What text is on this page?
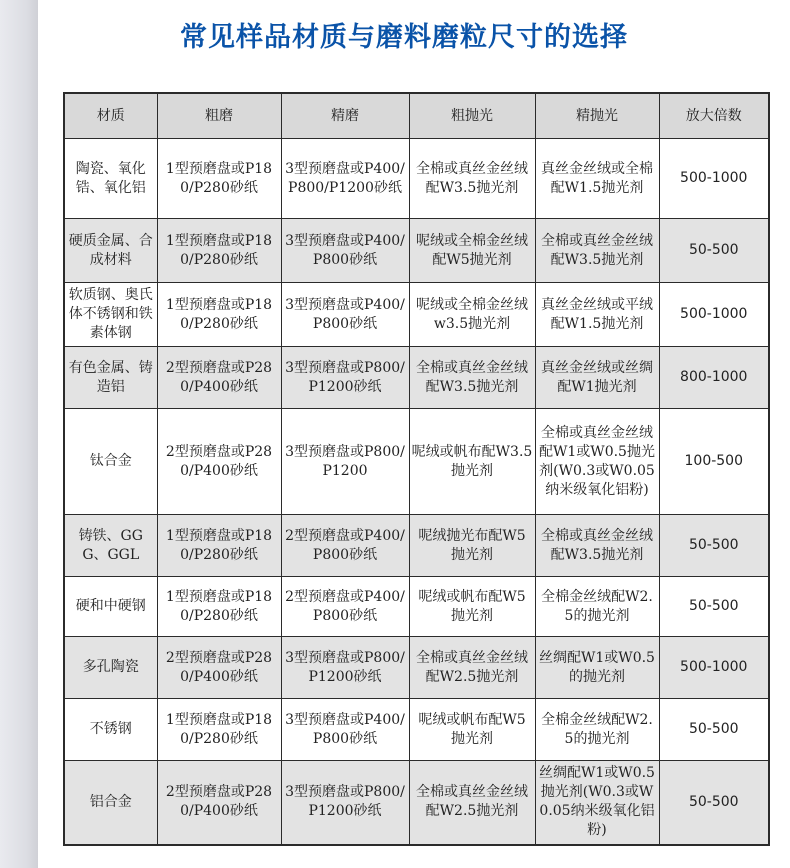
常见样品材质与磨料磨粒尺寸的选择
材质	粗磨	精磨	粗抛光	精抛光	放大倍数
陶瓷、氧化锆、氧化铝	1型预磨盘或P180/P280砂纸	3型预磨盘或P400/P800/P1200砂纸	全棉或真丝金丝绒配W3.5抛光剂	真丝金丝绒或全棉配W1.5抛光剂	500-1000
硬质金属、合成材料	1型预磨盘或P180/P280砂纸	3型预磨盘或P400/P800砂纸	呢绒或全棉金丝绒配W5抛光剂	全棉或真丝金丝绒配W3.5抛光剂	50-500
软质钢、奥氏体不锈钢和铁素体钢	1型预磨盘或P180/P280砂纸	3型预磨盘或P400/P800砂纸	呢绒或全棉金丝绒w3.5抛光剂	真丝金丝绒或平绒配W1.5抛光剂	500-1000
有色金属、铸造铝	2型预磨盘或P280/P400砂纸	3型预磨盘或P800/P1200砂纸	全棉或真丝金丝绒配W3.5抛光剂	真丝金丝绒或丝绸配W1抛光剂	800-1000
钛合金	2型预磨盘或P280/P400砂纸	3型预磨盘或P800/P1200	呢绒或帆布配W3.5抛光剂	全棉或真丝金丝绒配W1或W0.5抛光剂(W0.3或W0.05纳米级氧化铝粉)	100-500
铸铁、GGG、GGL	1型预磨盘或P180/P280砂纸	2型预磨盘或P400/P800砂纸	呢绒抛光布配W5抛光剂	全棉或真丝金丝绒配W3.5抛光剂	50-500
硬和中硬钢	1型预磨盘或P180/P280砂纸	2型预磨盘或P400/P800砂纸	呢绒或帆布配W5抛光剂	全棉金丝绒配W2.5的抛光剂	50-500
多孔陶瓷	2型预磨盘或P280/P400砂纸	3型预磨盘或P800/P1200砂纸	全棉或真丝金丝绒配W2.5抛光剂	丝绸配W1或W0.5的抛光剂	500-1000
不锈钢	1型预磨盘或P180/P280砂纸	3型预磨盘或P400/P800砂纸	呢绒或帆布配W5抛光剂	全棉金丝绒配W2.5的抛光剂	50-500
铝合金	2型预磨盘或P280/P400砂纸	3型预磨盘或P800/P1200砂纸	全棉或真丝金丝绒配W2.5抛光剂	丝绸配W1或W0.5抛光剂(W0.3或W0.05纳米级氧化铝粉)	50-500
